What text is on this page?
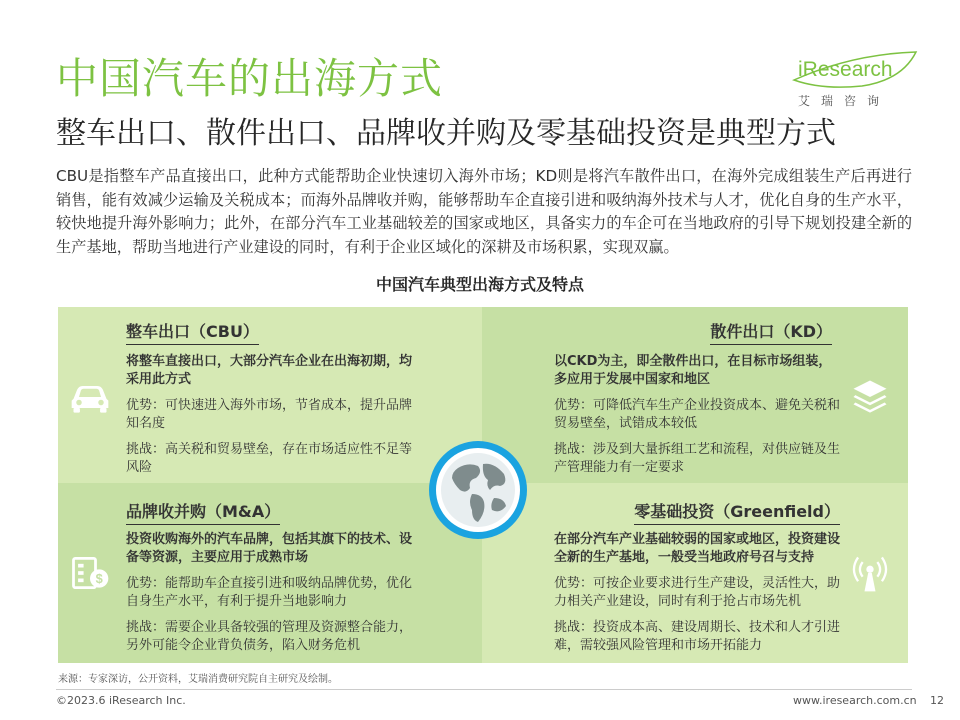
中国汽车的出海方式
整车出口、散件出口、品牌收并购及零基础投资是典型方式
iResearch
艾瑞咨询
CBU是指整车产品直接出口，此种方式能帮助企业快速切入海外市场；KD则是将汽车散件出口，在海外完成组装生产后再进行销售，能有效减少运输及关税成本；而海外品牌收并购，能够帮助车企直接引进和吸纳海外技术与人才，优化自身的生产水平，较快地提升海外影响力；此外，在部分汽车工业基础较差的国家或地区，具备实力的车企可在当地政府的引导下规划投建全新的生产基地，帮助当地进行产业建设的同时，有利于企业区域化的深耕及市场积累，实现双赢。
中国汽车典型出海方式及特点
整车出口（CBU）

将整车直接出口，大部分汽车企业在出海初期，均采用此方式

优势：可快速进入海外市场，节省成本，提升品牌知名度

挑战：高关税和贸易壁垒，存在市场适应性不足等风险

散件出口（KD）

以CKD为主，即全散件出口，在目标市场组装，多应用于发展中国家和地区

优势：可降低汽车生产企业投资成本、避免关税和贸易壁垒，试错成本较低

挑战：涉及到大量拆组工艺和流程，对供应链及生产管理能力有一定要求

品牌收并购（M&A）

投资收购海外的汽车品牌，包括其旗下的技术、设备等资源，主要应用于成熟市场

优势：能帮助车企直接引进和吸纳品牌优势，优化自身生产水平，有利于提升当地影响力

挑战：需要企业具备较强的管理及资源整合能力，另外可能令企业背负债务，陷入财务危机

$
零基础投资（Greenfield）

在部分汽车产业基础较弱的国家或地区，投资建设全新的生产基地，一般受当地政府号召与支持

优势：可按企业要求进行生产建设，灵活性大，助力相关产业建设，同时有利于抢占市场先机

挑战：投资成本高、建设周期长、技术和人才引进难，需较强风险管理和市场开拓能力

来源：专家深访，公开资料，艾瑞消费研究院自主研究及绘制。
©2023.6 iResearch Inc.	www.iresearch.com.cn 12
